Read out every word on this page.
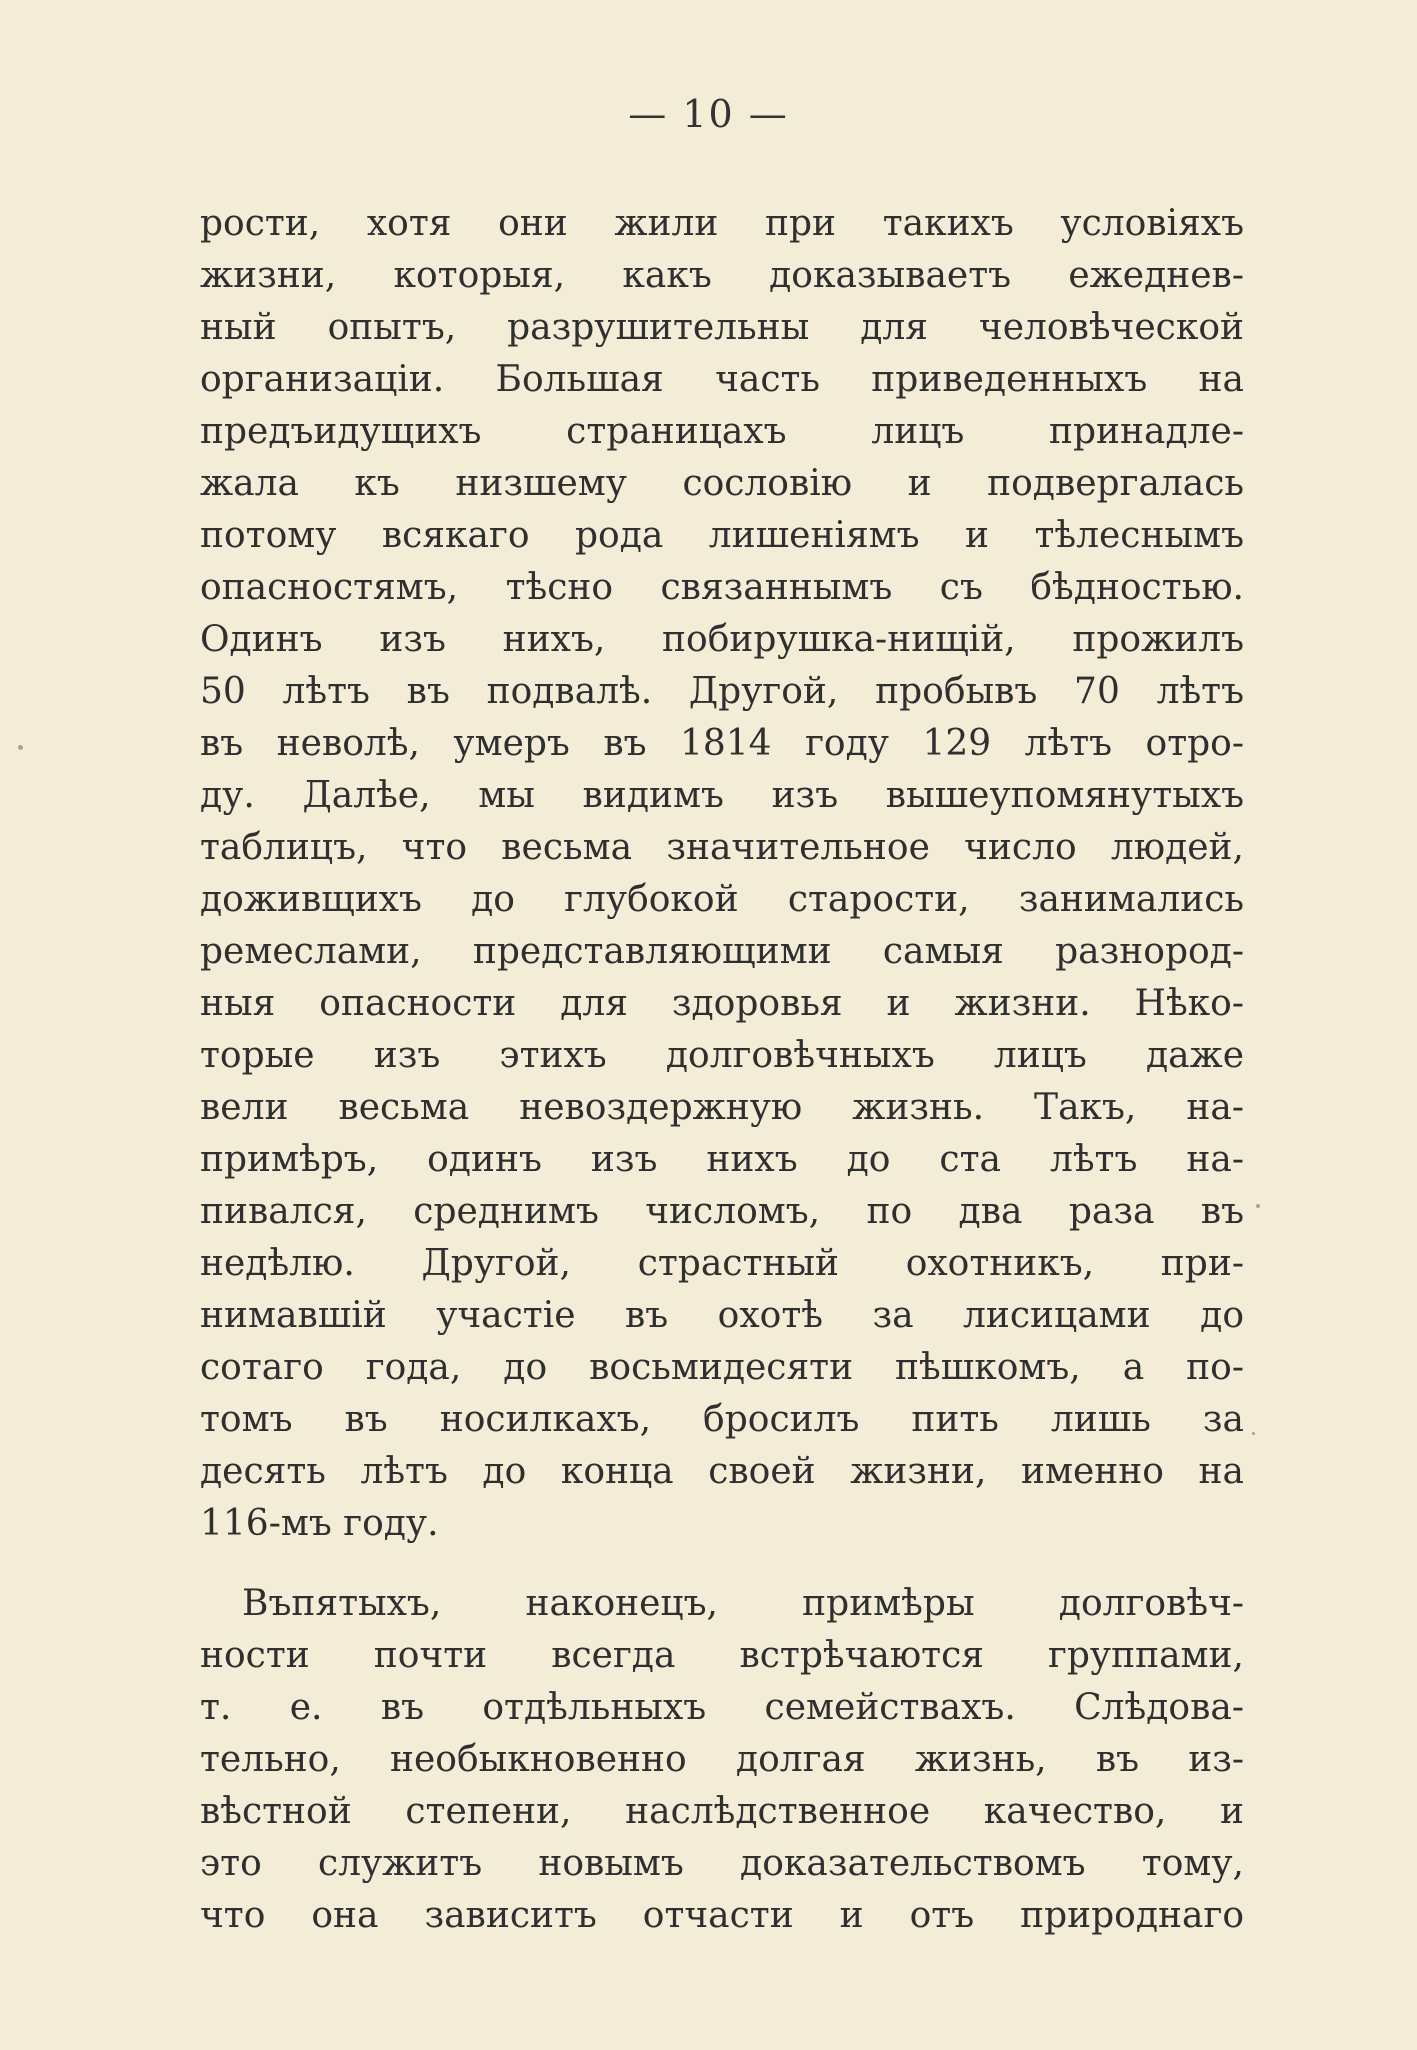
— 10 —
рости, хотя они жили при такихъ условіяхъ
жизни, которыя, какъ доказываетъ ежеднев-
ный опытъ, разрушительны для человѣческой
организаціи. Большая часть приведенныхъ на
предъидущихъ страницахъ лицъ принадле-
жала къ низшему сословію и подвергалась
потому всякаго рода лишеніямъ и тѣлеснымъ
опасностямъ, тѣсно связаннымъ съ бѣдностью.
Одинъ изъ нихъ, побирушка-нищій, прожилъ
50 лѣтъ въ подвалѣ. Другой, пробывъ 70 лѣтъ
въ неволѣ, умеръ въ 1814 году 129 лѣтъ отро-
ду. Далѣе, мы видимъ изъ вышеупомянутыхъ
таблицъ, что весьма значительное число людей,
доживщихъ до глубокой старости, занимались
ремеслами, представляющими самыя разнород-
ныя опасности для здоровья и жизни. Нѣко-
торые изъ этихъ долговѣчныхъ лицъ даже
вели весьма невоздержную жизнь. Такъ, на-
примѣръ, одинъ изъ нихъ до ста лѣтъ на-
пивался, среднимъ числомъ, по два раза въ
недѣлю. Другой, страстный охотникъ, при-
нимавшій участіе въ охотѣ за лисицами до
сотаго года, до восьмидесяти пѣшкомъ, а по-
томъ въ носилкахъ, бросилъ пить лишь за
десять лѣтъ до конца своей жизни, именно на
116-мъ году.
Въпятыхъ, наконецъ, примѣры долговѣч-
ности почти всегда встрѣчаются группами,
т. е. въ отдѣльныхъ семействахъ. Слѣдова-
тельно, необыкновенно долгая жизнь, въ из-
вѣстной степени, наслѣдственное качество, и
это служитъ новымъ доказательствомъ тому,
что она зависитъ отчасти и отъ природнаго
